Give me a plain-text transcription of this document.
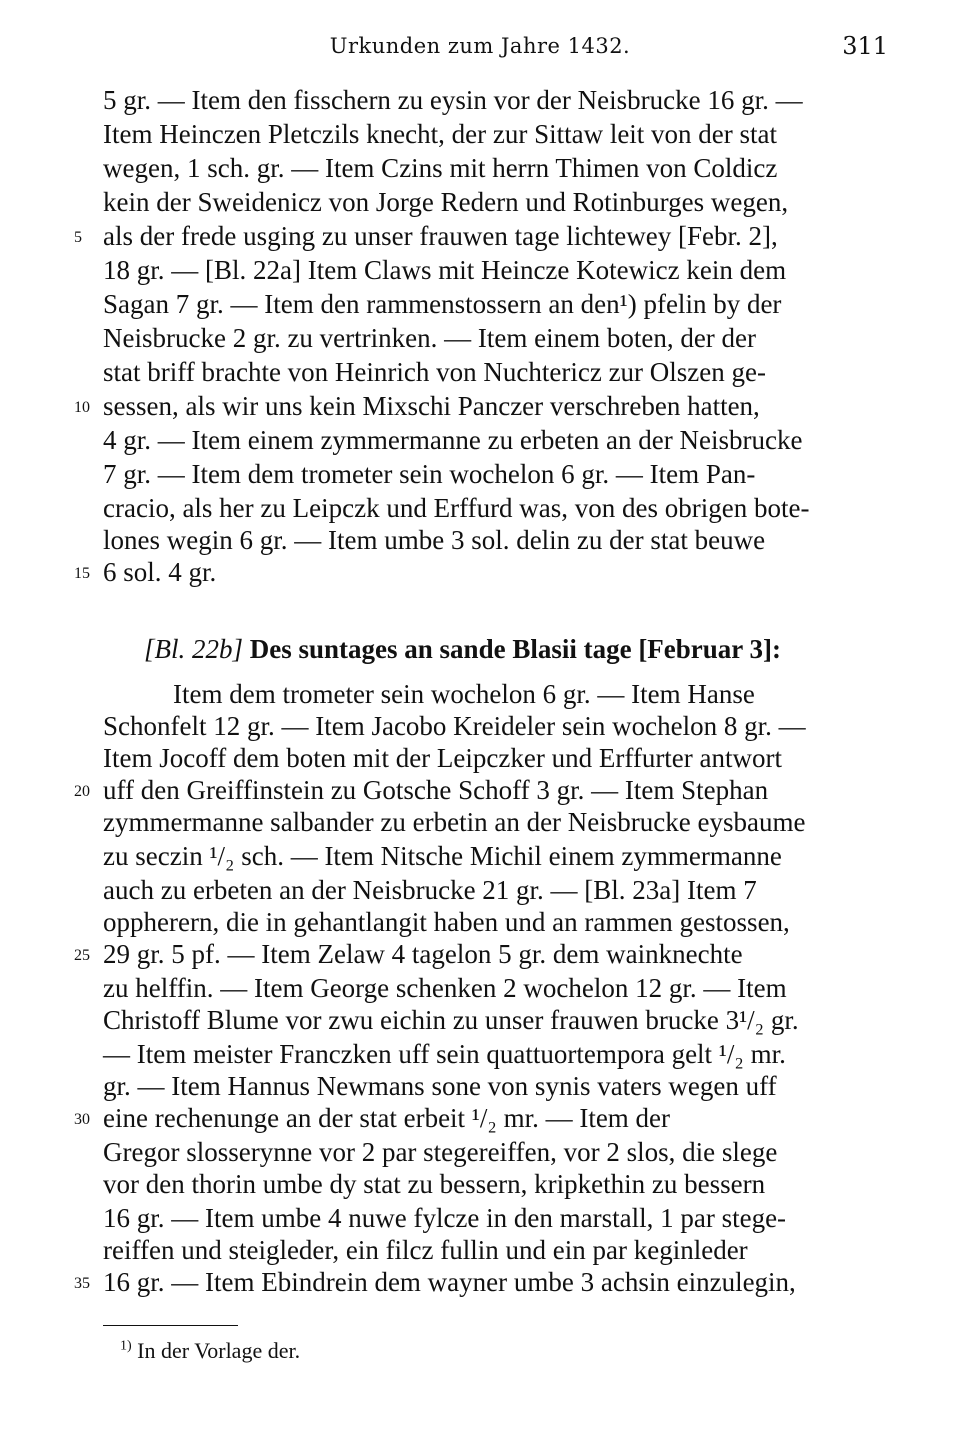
Urkunden zum Jahre 1432.	311
5 gr. — Item den fisschern zu eysin vor der Neisbrucke 16 gr. —
Item Heinczen Pletczils knecht, der zur Sittaw leit von der stat
wegen, 1 sch. gr. — Item Czins mit herrn Thimen von Coldicz
kein der Sweidenicz von Jorge Redern und Rotinburges wegen,
als der frede usging zu unser frauwen tage lichtewey [Febr. 2],
18 gr. — [Bl. 22a] Item Claws mit Heincze Kotewicz kein dem
Sagan 7 gr. — Item den rammenstossern an den¹) pfelin by der
Neisbrucke 2 gr. zu vertrinken. — Item einem boten, der der
stat briff brachte von Heinrich von Nuchtericz zur Olszen ge-
sessen, als wir uns kein Mixschi Panczer verschreben hatten,
4 gr. — Item einem zymmermanne zu erbeten an der Neisbrucke
7 gr. — Item dem trometer sein wochelon 6 gr. — Item Pan-
cracio, als her zu Leipczk und Erffurd was, von des obrigen bote-
lones wegin 6 gr. — Item umbe 3 sol. delin zu der stat beuwe
6 sol. 4 gr.
[Bl. 22b] Des suntages an sande Blasii tage [Februar 3]:
Item dem trometer sein wochelon 6 gr. — Item Hanse
Schonfelt 12 gr. — Item Jacobo Kreideler sein wochelon 8 gr. —
Item Jocoff dem boten mit der Leipczker und Erffurter antwort
uff den Greiffinstein zu Gotsche Schoff 3 gr. — Item Stephan
zymmermanne salbander zu erbetin an der Neisbrucke eysbaume
zu seczin ¹/₂ sch. — Item Nitsche Michil einem zymmermanne
auch zu erbeten an der Neisbrucke 21 gr. — [Bl. 23a] Item 7
oppherern, die in gehantlangit haben und an rammen gestossen,
29 gr. 5 pf. — Item Zelaw 4 tagelon 5 gr. dem wainknechte
zu helffin. — Item George schenken 2 wochelon 12 gr. — Item
Christoff Blume vor zwu eichin zu unser frauwen brucke 3¹/₂ gr.
— Item meister Franczken uff sein quattuortempora gelt ¹/₂ mr.
gr. — Item Hannus Newmans sone von synis vaters wegen uff
eine rechenunge an der stat erbeit ¹/₂ mr. — Item der
Gregor slosserynne vor 2 par stegereiffen, vor 2 slos, die slege
vor den thorin umbe dy stat zu bessern, kripkethin zu bessern
16 gr. — Item umbe 4 nuwe fylcze in den marstall, 1 par stege-
reiffen und steigleder, ein filcz fullin und ein par keginleder
16 gr. — Item Ebindrein dem wayner umbe 3 achsin einzulegin,
5
10
15
20
25
30
35
$^{1)}$ In der Vorlage der.
